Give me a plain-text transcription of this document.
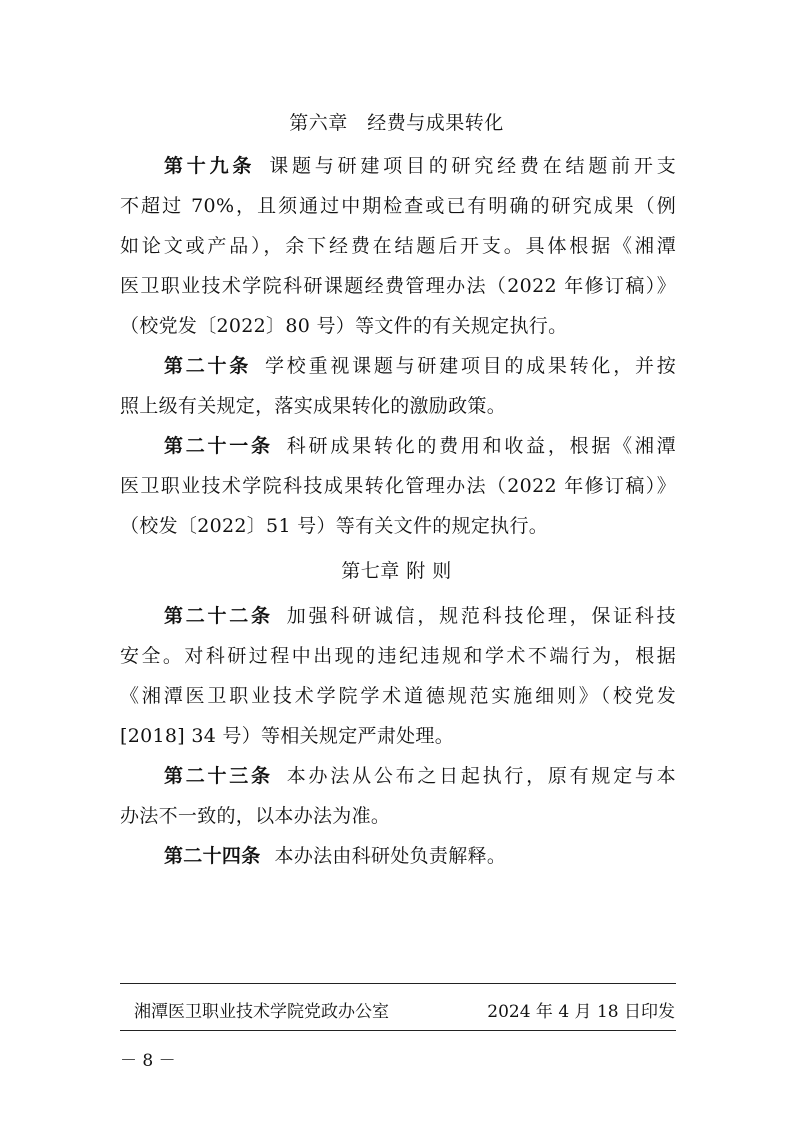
第六章　经费与成果转化
第十九条 课题与研建项目的研究经费在结题前开支
不超过 70%，且须通过中期检查或已有明确的研究成果（例
如论文或产品），余下经费在结题后开支。具体根据《湘潭
医卫职业技术学院科研课题经费管理办法（2022 年修订稿）》
（校党发〔2022〕80 号）等文件的有关规定执行。
第二十条 学校重视课题与研建项目的成果转化，并按
照上级有关规定，落实成果转化的激励政策。
第二十一条 科研成果转化的费用和收益，根据《湘潭
医卫职业技术学院科技成果转化管理办法（2022 年修订稿）》
（校发〔2022〕51 号）等有关文件的规定执行。
第七章 附 则
第二十二条 加强科研诚信，规范科技伦理，保证科技
安全。对科研过程中出现的违纪违规和学术不端行为，根据
《湘潭医卫职业技术学院学术道德规范实施细则》（校党发
[2018] 34 号）等相关规定严肃处理。
第二十三条 本办法从公布之日起执行，原有规定与本
办法不一致的，以本办法为准。
第二十四条 本办法由科研处负责解释。
湘潭医卫职业技术学院党政办公室	2024 年 4 月 18 日印发
－ 8 －
